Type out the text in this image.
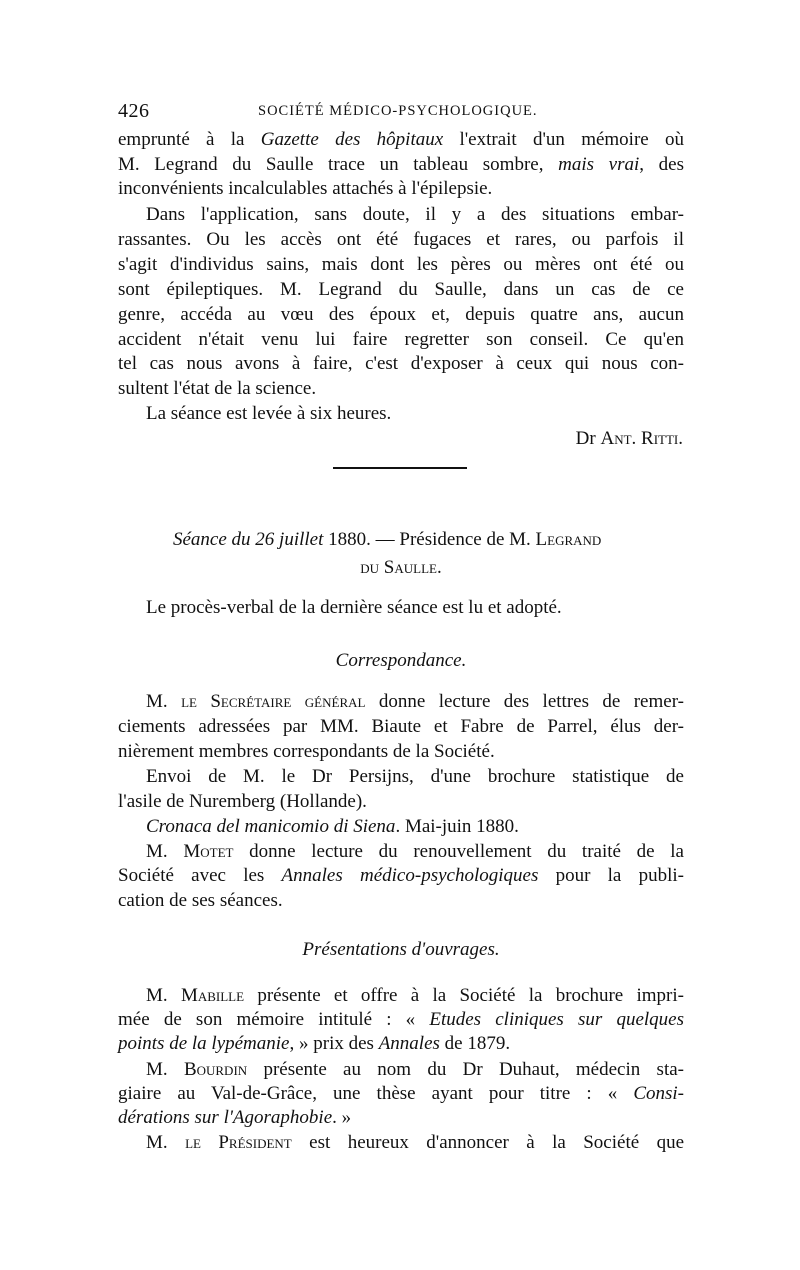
426	SOCIÉTÉ MÉDICO-PSYCHOLOGIQUE.
emprunté à la Gazette des hôpitaux l'extrait d'un mémoire où
M. Legrand du Saulle trace un tableau sombre, mais vrai, des
inconvénients incalculables attachés à l'épilepsie.
Dans l'application, sans doute, il y a des situations embar-
rassantes. Ou les accès ont été fugaces et rares, ou parfois il
s'agit d'individus sains, mais dont les pères ou mères ont été ou
sont épileptiques. M. Legrand du Saulle, dans un cas de ce
genre, accéda au vœu des époux et, depuis quatre ans, aucun
accident n'était venu lui faire regretter son conseil. Ce qu'en
tel cas nous avons à faire, c'est d'exposer à ceux qui nous con-
sultent l'état de la science.
La séance est levée à six heures.
Dr Ant. Ritti.
Séance du 26 juillet 1880. — Présidence de M. Legrand
du Saulle.
Le procès-verbal de la dernière séance est lu et adopté.
Correspondance.
M. le Secrétaire général donne lecture des lettres de remer-
ciements adressées par MM. Biaute et Fabre de Parrel, élus der-
nièrement membres correspondants de la Société.
Envoi de M. le Dr Persijns, d'une brochure statistique de
l'asile de Nuremberg (Hollande).
Cronaca del manicomio di Siena. Mai-juin 1880.
M. Motet donne lecture du renouvellement du traité de la
Société avec les Annales médico-psychologiques pour la publi-
cation de ses séances.
Présentations d'ouvrages.
M. Mabille présente et offre à la Société la brochure impri-
mée de son mémoire intitulé : « Etudes cliniques sur quelques
points de la lypémanie, » prix des Annales de 1879.
M. Bourdin présente au nom du Dr Duhaut, médecin sta-
giaire au Val-de-Grâce, une thèse ayant pour titre : « Consi-
dérations sur l'Agoraphobie. »
M. le Président est heureux d'annoncer à la Société que
